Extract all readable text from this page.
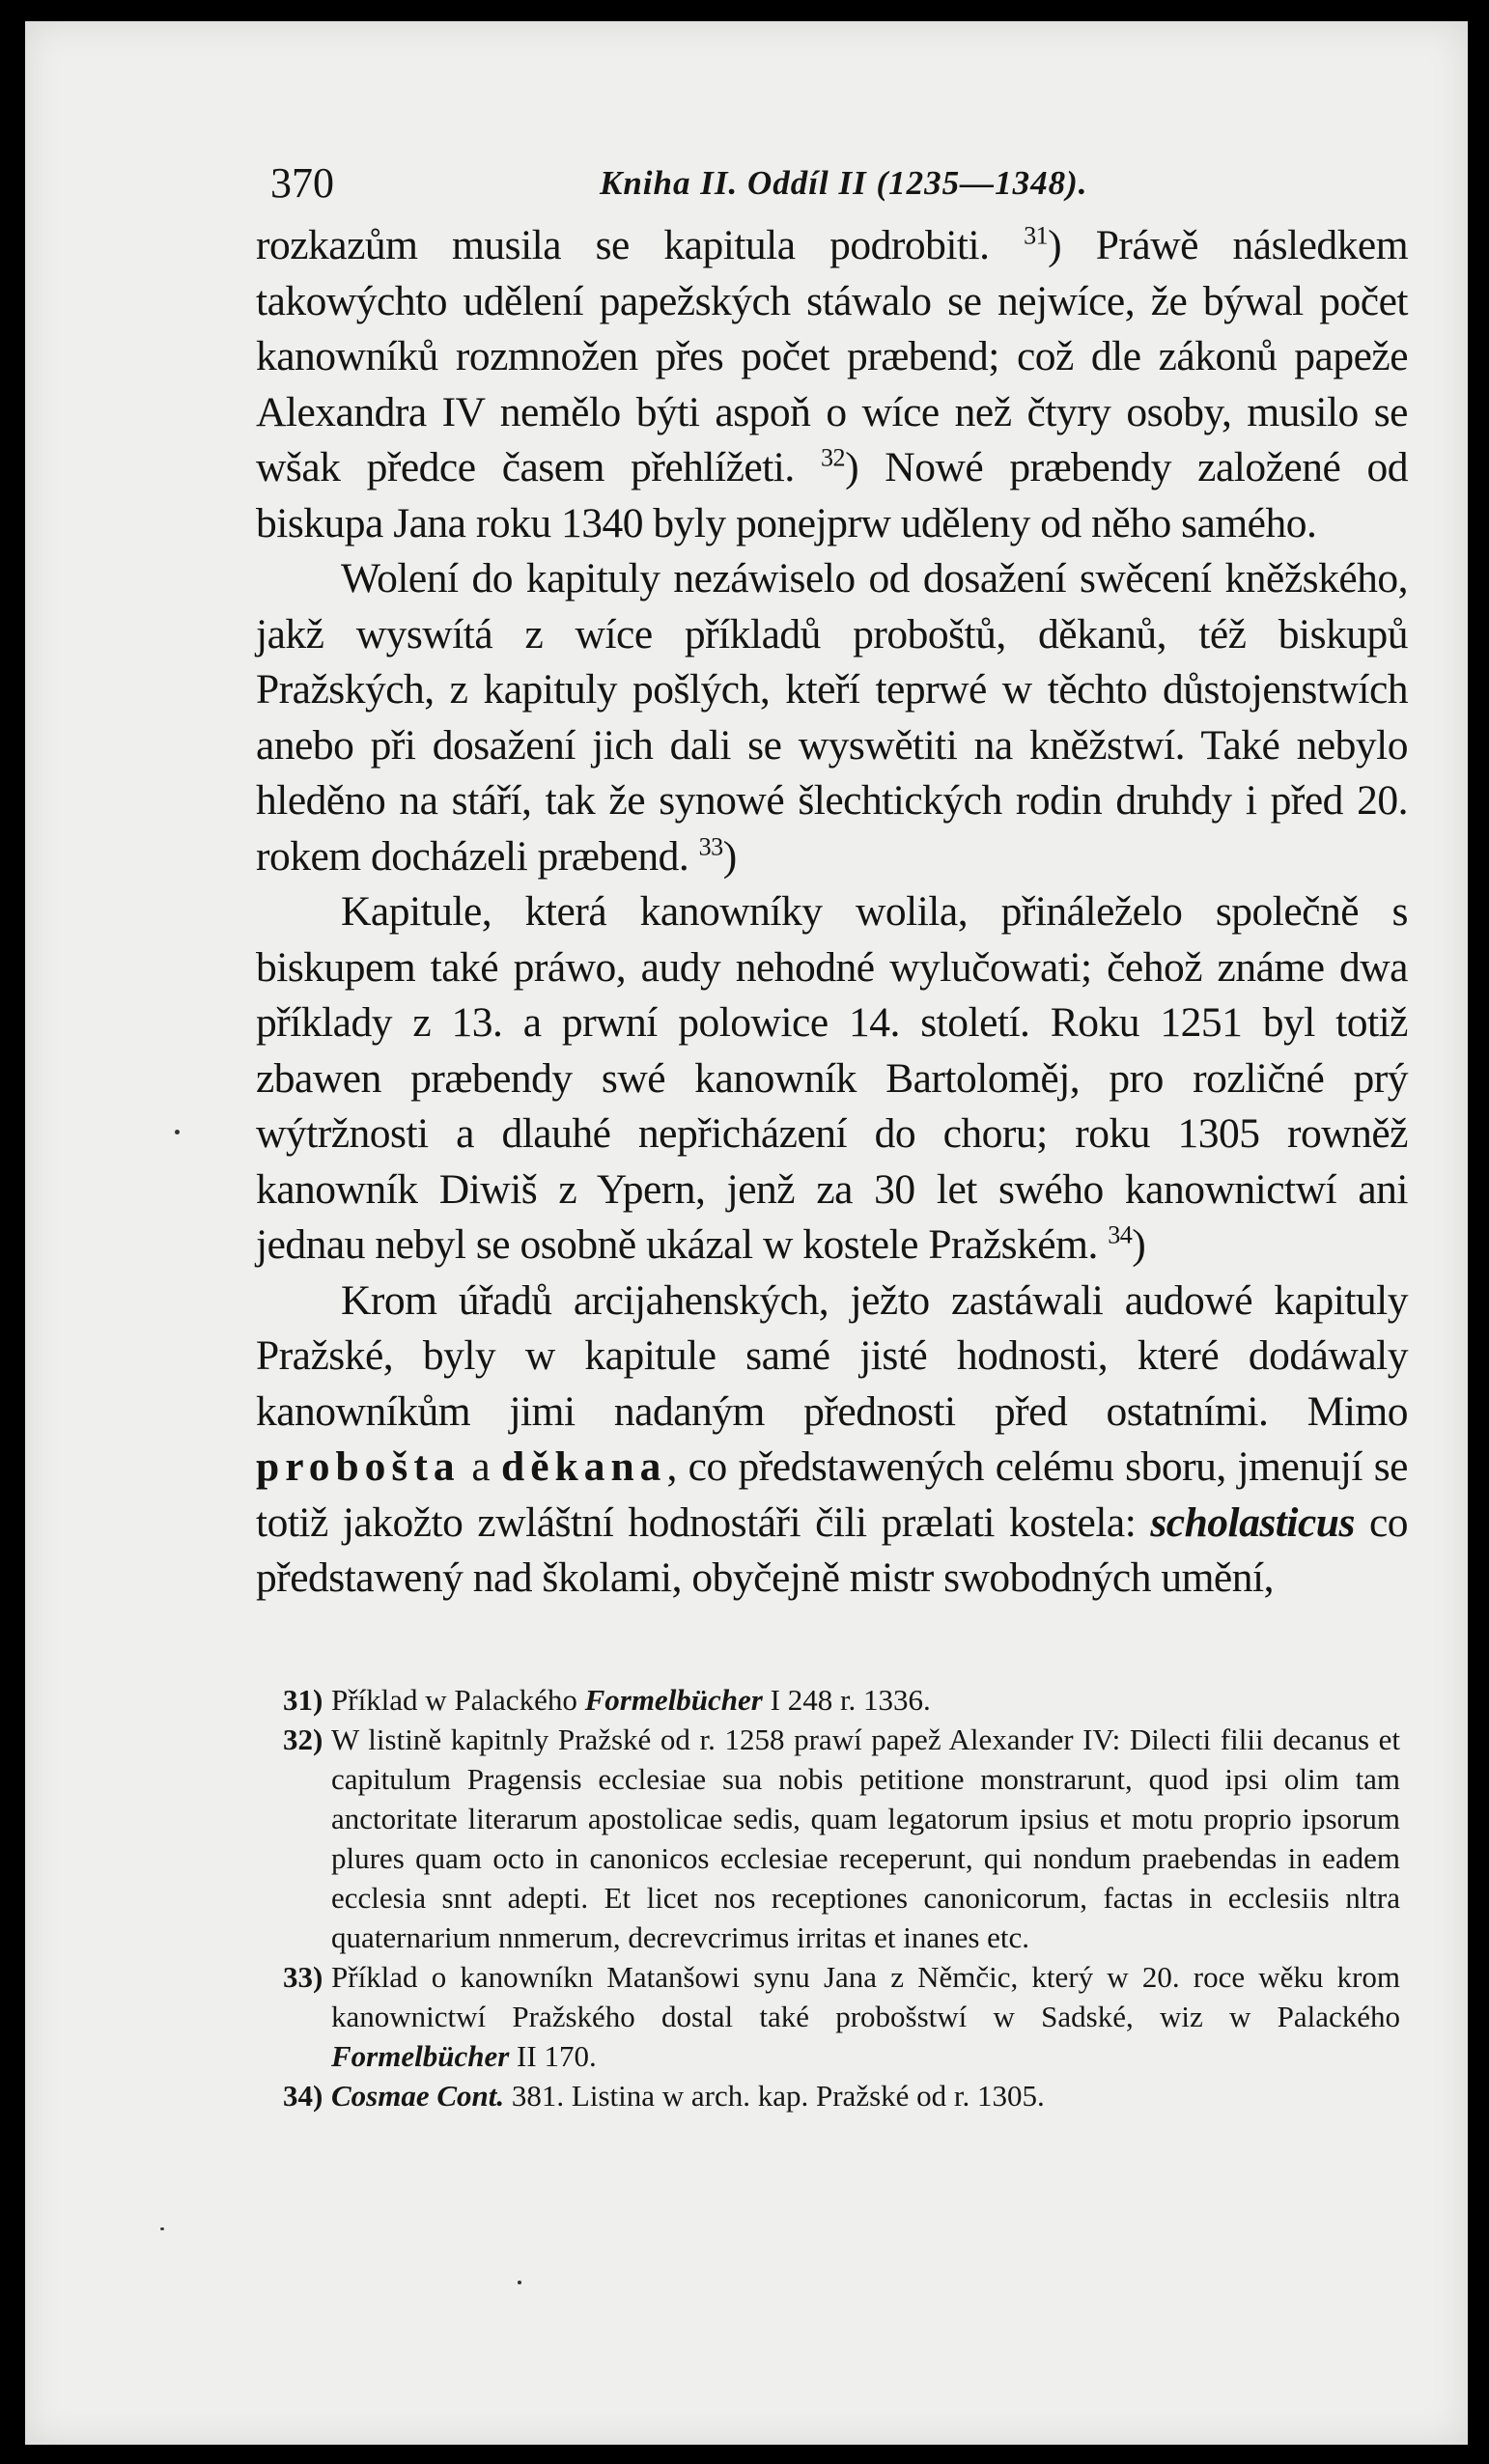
370	Kniha II. Oddíl II (1235—1348).

rozkazům musila se kapitula podrobiti. $^{31}$) Práwě následkem takowýchto udělení papežských stáwalo se nejwíce, že býwal počet kanowníků rozmnožen přes počet præbend; což dle zákonů papeže Alexandra IV nemělo býti aspoň o wíce než čtyry osoby, musilo se wšak předce časem přehlížeti. $^{32}$) Nowé præbendy založené od biskupa Jana roku 1340 byly ponejprw uděleny od něho samého.

Wolení do kapituly nezáwiselo od dosažení swěcení kněžského, jakž wyswítá z wíce příkladů proboštů, děkanů, též biskupů Pražských, z kapituly pošlých, kteří teprwé w těchto důstojenstwích anebo při dosažení jich dali se wyswětiti na kněžstwí. Také nebylo hleděno na stáří, tak že synowé šlechtických rodin druhdy i před 20. rokem docházeli præbend. $^{33}$)

Kapitule, která kanowníky wolila, přináleželo společně s biskupem také práwo, audy nehodné wylučowati; čehož známe dwa příklady z 13. a prwní polowice 14. století. Roku 1251 byl totiž zbawen præbendy swé kanowník Bartoloměj, pro rozličné prý wýtržnosti a dlauhé nepřicházení do choru; roku 1305 rowněž kanowník Diwiš z Ypern, jenž za 30 let swého kanownictwí ani jednau nebyl se osobně ukázal w kostele Pražském. $^{34}$)

Krom úřadů arcijahenských, ježto zastáwali audowé kapituly Pražské, byly w kapitule samé jisté hodnosti, které dodáwaly kanowníkům jimi nadaným přednosti před ostatními. Mimo probošta a děkana, co předstawených celému sboru, jmenují se totiž jakožto zwláštní hodnostáři čili prælati kostela: scholasticus co předstawený nad školami, obyčejně mistr swobodných umění,

31) Příklad w Palackého Formelbücher I 248 r. 1336.
32) W listině kapitnly Pražské od r. 1258 prawí papež Alexander IV: Dilecti filii decanus et capitulum Pragensis ecclesiae sua nobis petitione monstrarunt, quod ipsi olim tam anctoritate literarum apostolicae sedis, quam legatorum ipsius et motu proprio ipsorum plures quam octo in canonicos ecclesiae receperunt, qui nondum praebendas in eadem ecclesia snnt adepti. Et licet nos receptiones canonicorum, factas in ecclesiis nltra quaternarium nnmerum, decrevcrimus irritas et inanes etc.
33) Příklad o kanowníkn Matanšowi synu Jana z Němčic, který w 20. roce wěku krom kanownictwí Pražského dostal také probošstwí w Sadské, wiz w Palackého Formelbücher II 170.
34) Cosmae Cont. 381. Listina w arch. kap. Pražské od r. 1305.
